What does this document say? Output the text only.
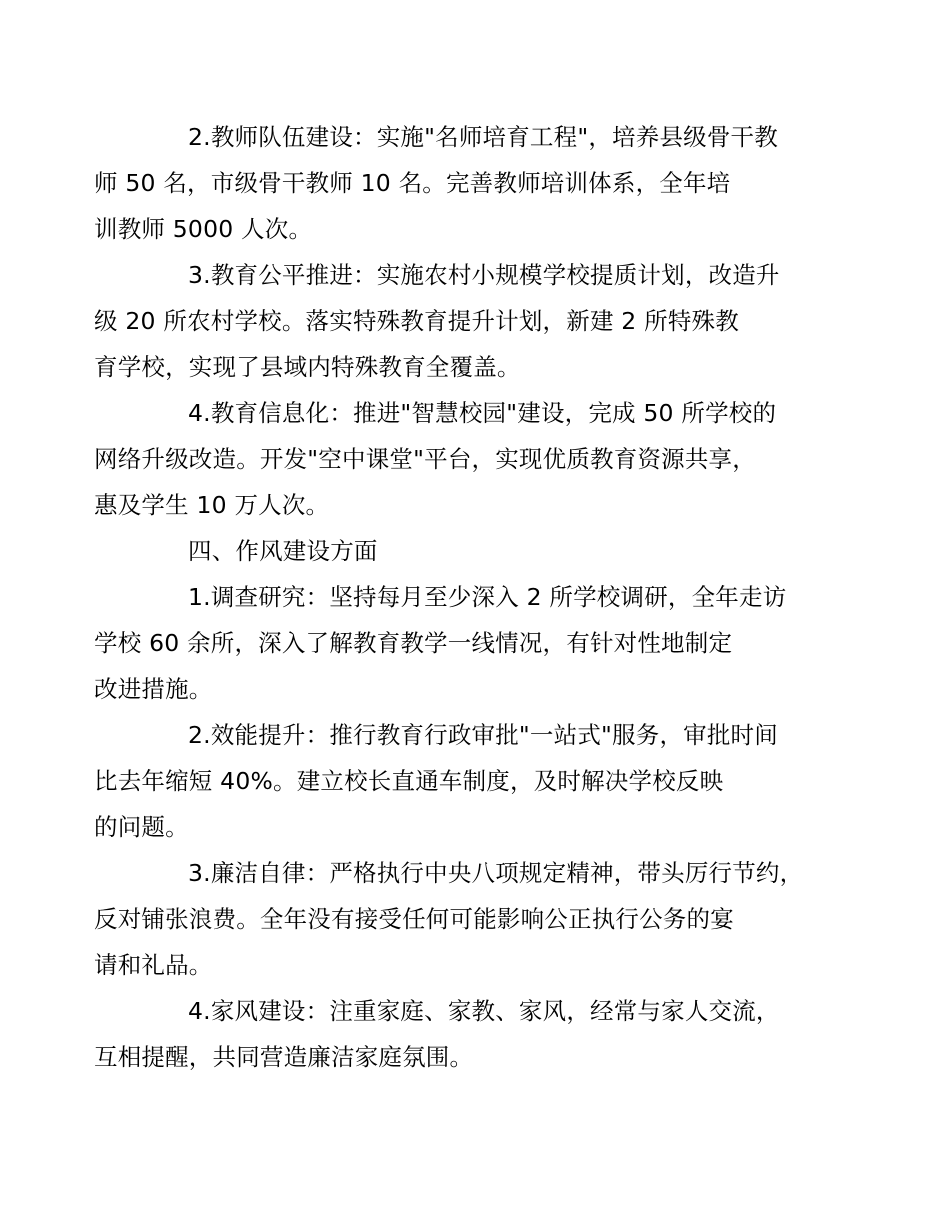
2.教师队伍建设：实施"名师培育工程"，培养县级骨干教
师 50 名，市级骨干教师 10 名。完善教师培训体系，全年培
训教师 5000 人次。

3.教育公平推进：实施农村小规模学校提质计划，改造升
级 20 所农村学校。落实特殊教育提升计划，新建 2 所特殊教
育学校，实现了县域内特殊教育全覆盖。

4.教育信息化：推进"智慧校园"建设，完成 50 所学校的
网络升级改造。开发"空中课堂"平台，实现优质教育资源共享，
惠及学生 10 万人次。

四、作风建设方面

1.调查研究：坚持每月至少深入 2 所学校调研，全年走访
学校 60 余所，深入了解教育教学一线情况，有针对性地制定
改进措施。

2.效能提升：推行教育行政审批"一站式"服务，审批时间
比去年缩短 40%。建立校长直通车制度，及时解决学校反映
的问题。

3.廉洁自律：严格执行中央八项规定精神，带头厉行节约，
反对铺张浪费。全年没有接受任何可能影响公正执行公务的宴
请和礼品。

4.家风建设：注重家庭、家教、家风，经常与家人交流，
互相提醒，共同营造廉洁家庭氛围。
